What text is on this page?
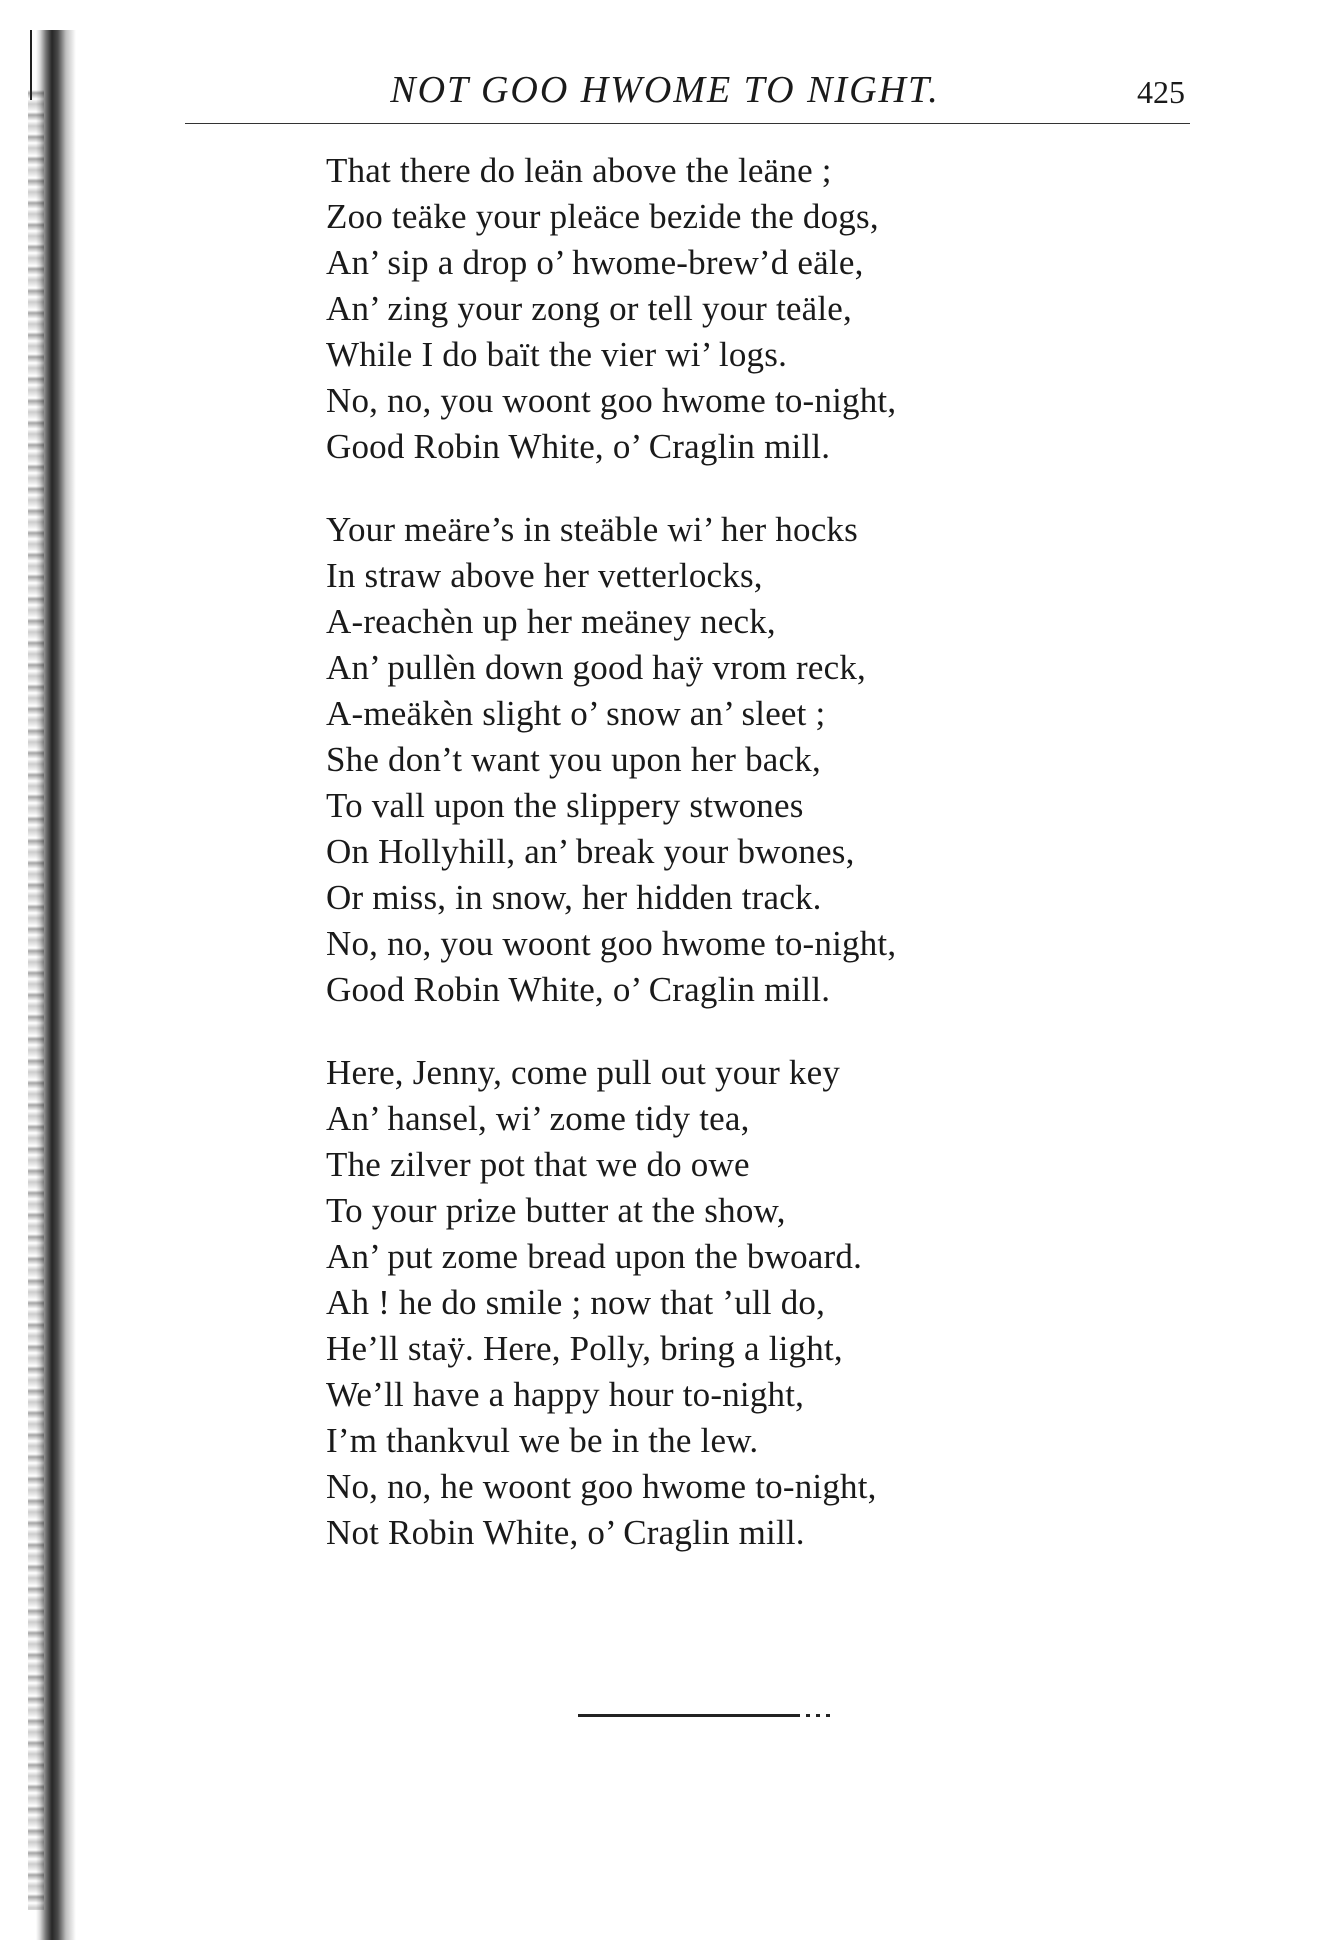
NOT GOO HWOME TO NIGHT.	425
That there do leän above the leäne ;
Zoo teäke your pleäce bezide the dogs,
An’ sip a drop o’ hwome-brew’d eäle,
An’ zing your zong or tell your teäle,
While I do baït the vier wi’ logs.
No, no, you woont goo hwome to-night,
Good Robin White, o’ Craglin mill.
Your meäre’s in steäble wi’ her hocks
In straw above her vetterlocks,
A-reachèn up her meäney neck,
An’ pullèn down good haÿ vrom reck,
A-meäkèn slight o’ snow an’ sleet ;
She don’t want you upon her back,
To vall upon the slippery stwones
On Hollyhill, an’ break your bwones,
Or miss, in snow, her hidden track.
No, no, you woont goo hwome to-night,
Good Robin White, o’ Craglin mill.
Here, Jenny, come pull out your key
An’ hansel, wi’ zome tidy tea,
The zilver pot that we do owe
To your prize butter at the show,
An’ put zome bread upon the bwoard.
Ah ! he do smile ; now that ’ull do,
He’ll staÿ. Here, Polly, bring a light,
We’ll have a happy hour to-night,
I’m thankvul we be in the lew.
No, no, he woont goo hwome to-night,
Not Robin White, o’ Craglin mill.
